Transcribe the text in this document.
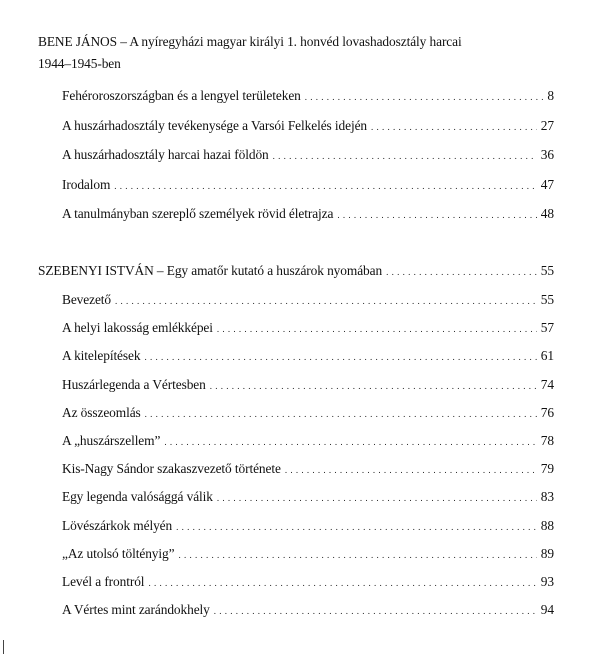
BENE JÁNOS – A nyíregyházi magyar királyi 1. honvéd lovashadosztály harcai
1944–1945-ben
Fehéroroszországban és a lengyel területeken . . .	8
A huszárhadosztály tevékenysége a Varsói Felkelés idején . . .	27
A huszárhadosztály harcai hazai földön . . .	36
Irodalom . . .	47
A tanulmányban szereplő személyek rövid életrajza . . .	48
SZEBENYI ISTVÁN – Egy amatőr kutató a huszárok nyomában . . .	55
Bevezető . . .	55
A helyi lakosság emlékképei . . .	57
A kitelepítések . . .	61
Huszárlegenda a Vértesben . . .	74
Az összeomlás . . .	76
A „huszárszellem” . . .	78
Kis-Nagy Sándor szakaszvezető története . . .	79
Egy legenda valósággá válik . . .	83
Lövészárkok mélyén . . .	88
„Az utolsó töltényig” . . .	89
Levél a frontról . . .	93
A Vértes mint zarándokhely . . .	94
